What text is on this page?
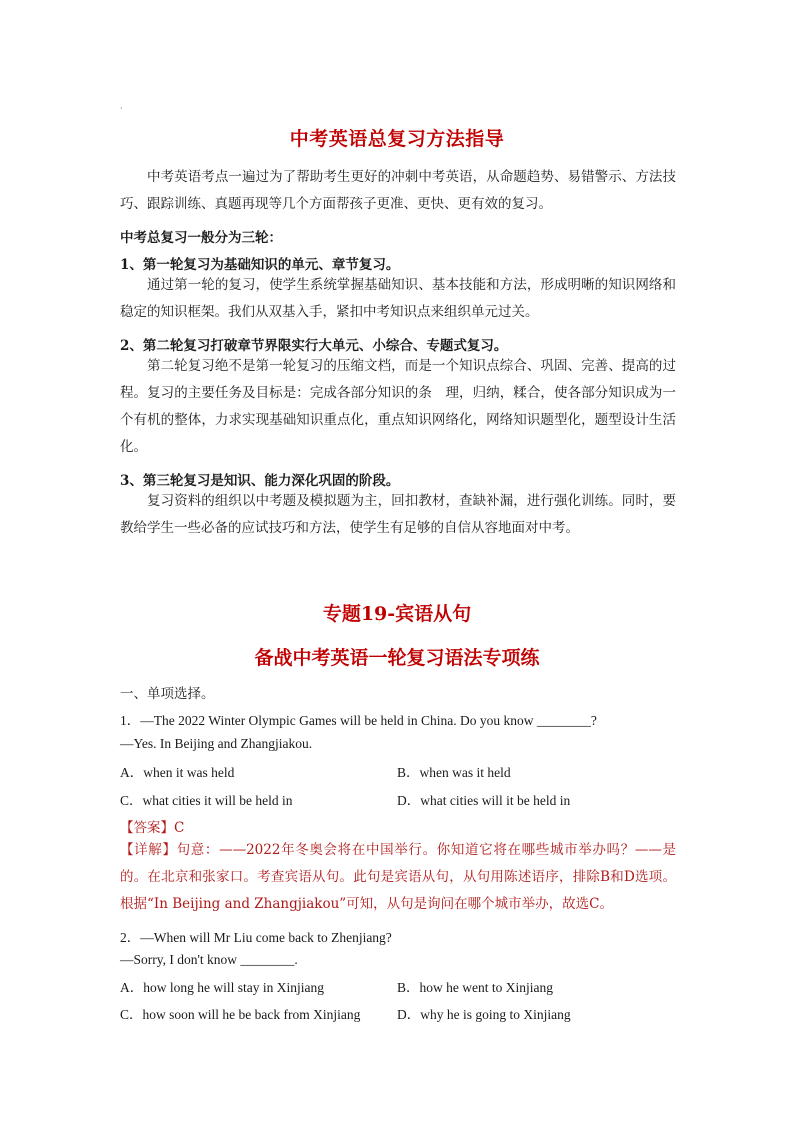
·
中考英语总复习方法指导
中考英语考点一遍过为了帮助考生更好的冲刺中考英语，从命题趋势、易错警示、方法技巧、跟踪训练、真题再现等几个方面帮孩子更准、更快、更有效的复习。
中考总复习一般分为三轮：
1、第一轮复习为基础知识的单元、章节复习。
通过第一轮的复习，使学生系统掌握基础知识、基本技能和方法，形成明晰的知识网络和稳定的知识框架。我们从双基入手，紧扣中考知识点来组织单元过关。
2、第二轮复习打破章节界限实行大单元、小综合、专题式复习。
第二轮复习绝不是第一轮复习的压缩文档，而是一个知识点综合、巩固、完善、提高的过程。复习的主要任务及目标是：完成各部分知识的条　理，归纳，糅合，使各部分知识成为一个有机的整体，力求实现基础知识重点化，重点知识网络化，网络知识题型化，题型设计生活化。
3、第三轮复习是知识、能力深化巩固的阶段。
复习资料的组织以中考题及模拟题为主，回扣教材，查缺补漏，进行强化训练。同时，要教给学生一些必备的应试技巧和方法，使学生有足够的自信从容地面对中考。
专题19-宾语从句
备战中考英语一轮复习语法专项练
一、单项选择。
1．—The 2022 Winter Olympic Games will be held in China. Do you know ________?
—Yes. In Beijing and Zhangjiakou.
A．when it was held	B．when was it held
C．what cities it will be held in	D．what cities will it be held in
【答案】C
【详解】句意：——2022年冬奥会将在中国举行。你知道它将在哪些城市举办吗？——是的。在北京和张家口。考查宾语从句。此句是宾语从句，从句用陈述语序，排除B和D选项。根据“In Beijing and Zhangjiakou”可知，从句是询问在哪个城市举办，故选C。
2．—When will Mr Liu come back to Zhenjiang?
—Sorry, I don't know ________.
A．how long he will stay in Xinjiang	B．how he went to Xinjiang
C．how soon will he be back from Xinjiang	D．why he is going to Xinjiang
